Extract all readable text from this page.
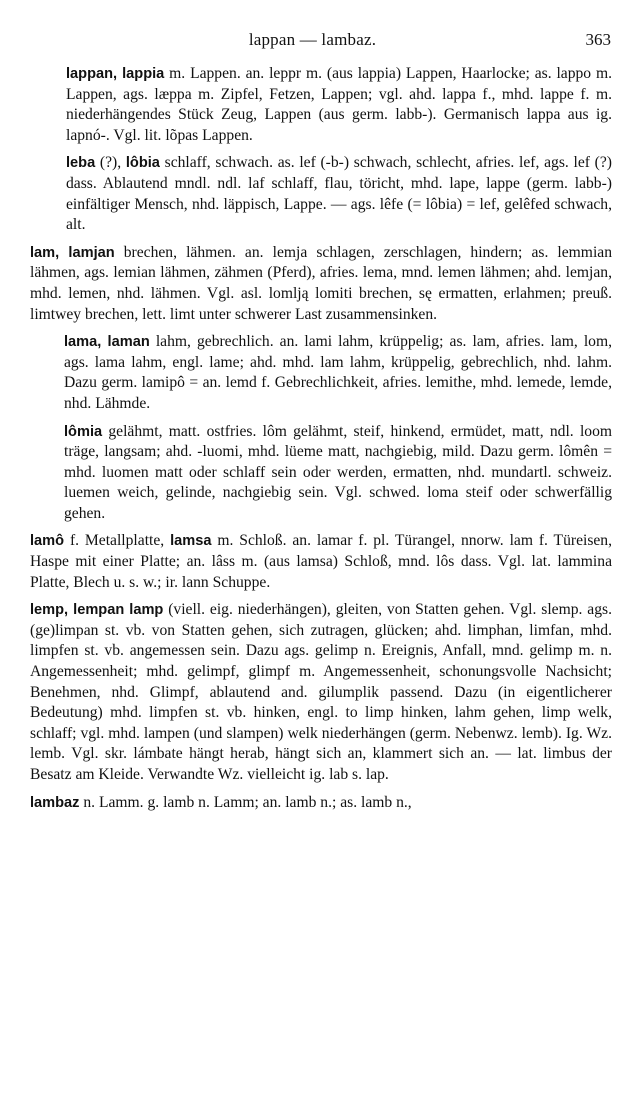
lappan — lambaz.	363

lappan, lappia m. Lappen. an. leppr m. (aus lappia) Lappen, Haarlocke; as. lappo m. Lappen, ags. læppa m. Zipfel, Fetzen, Lappen; vgl. ahd. lappa f., mhd. lappe f. m. niederhängendes Stück Zeug, Lappen (aus germ. labb-). Germanisch lappa aus ig. lapnó-. Vgl. lit. lõpas Lappen.

leba (?), lôbia schlaff, schwach. as. lef (-b-) schwach, schlecht, afries. lef, ags. lef (?) dass. Ablautend mndl. ndl. laf schlaff, flau, töricht, mhd. lape, lappe (germ. labb-) einfältiger Mensch, nhd. läppisch, Lappe. — ags. lêfe (= lôbia) = lef, gelêfed schwach, alt.

lam, lamjan brechen, lähmen. an. lemja schlagen, zerschlagen, hindern; as. lemmian lähmen, ags. lemian lähmen, zähmen (Pferd), afries. lema, mnd. lemen lähmen; ahd. lemjan, mhd. lemen, nhd. lähmen. Vgl. asl. lomlją lomiti brechen, sę ermatten, erlahmen; preuß. limtwey brechen, lett. limt unter schwerer Last zusammensinken.

lama, laman lahm, gebrechlich. an. lami lahm, krüppelig; as. lam, afries. lam, lom, ags. lama lahm, engl. lame; ahd. mhd. lam lahm, krüppelig, gebrechlich, nhd. lahm. Dazu germ. lamipô = an. lemd f. Gebrechlichkeit, afries. lemithe, mhd. lemede, lemde, nhd. Lähmde.

lômia gelähmt, matt. ostfries. lôm gelähmt, steif, hinkend, ermüdet, matt, ndl. loom träge, langsam; ahd. -luomi, mhd. lüeme matt, nachgiebig, mild. Dazu germ. lômên = mhd. luomen matt oder schlaff sein oder werden, ermatten, nhd. mundartl. schweiz. luemen weich, gelinde, nachgiebig sein. Vgl. schwed. loma steif oder schwerfällig gehen.

lamô f. Metallplatte, lamsa m. Schloß. an. lamar f. pl. Türangel, nnorw. lam f. Türeisen, Haspe mit einer Platte; an. lâss m. (aus lamsa) Schloß, mnd. lôs dass. Vgl. lat. lammina Platte, Blech u. s. w.; ir. lann Schuppe.

lemp, lempan lamp (viell. eig. niederhängen), gleiten, von Statten gehen. Vgl. slemp. ags. (ge)limpan st. vb. von Statten gehen, sich zutragen, glücken; ahd. limphan, limfan, mhd. limpfen st. vb. angemessen sein. Dazu ags. gelimp n. Ereignis, Anfall, mnd. gelimp m. n. Angemessenheit; mhd. gelimpf, glimpf m. Angemessenheit, schonungsvolle Nachsicht; Benehmen, nhd. Glimpf, ablautend and. gilumplik passend. Dazu (in eigentlicherer Bedeutung) mhd. limpfen st. vb. hinken, engl. to limp hinken, lahm gehen, limp welk, schlaff; vgl. mhd. lampen (und slampen) welk niederhängen (germ. Nebenwz. lemb). Ig. Wz. lemb. Vgl. skr. lámbate hängt herab, hängt sich an, klammert sich an. — lat. limbus der Besatz am Kleide. Verwandte Wz. vielleicht ig. lab s. lap.

lambaz n. Lamm. g. lamb n. Lamm; an. lamb n.; as. lamb n.,
